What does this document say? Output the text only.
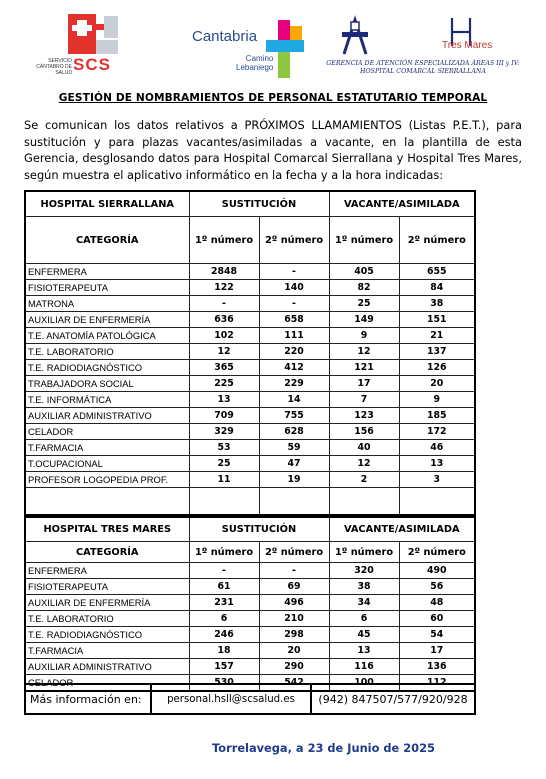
SERVICIO CÁNTABRO DE SALUD SCS
Cantabria
Camino
Lebaniego
Tres Mares
GERENCIA DE ATENCIÓN ESPECIALIZADA ÁREAS III y IV:
HOSPITAL COMARCAL SIERRALLANA
GESTIÓN DE NOMBRAMIENTOS DE PERSONAL ESTATUTARIO TEMPORAL
Se comunican los datos relativos a PRÓXIMOS LLAMAMIENTOS (Listas P.E.T.), para sustitución y para plazas vacantes/asimiladas a vacante, en la plantilla de esta Gerencia, desglosando datos para Hospital Comarcal Sierrallana y Hospital Tres Mares, según muestra el aplicativo informático en la fecha y a la hora indicadas:
HOSPITAL SIERRALLANA	SUSTITUCIÓN		VACANTE/ASIMILADA	
CATEGORÍA	1º número	2º número	1º número	2º número
ENFERMERA	2848	-	405	655
FISIOTERAPEUTA	122	140	82	84
MATRONA	-	-	25	38
AUXILIAR DE ENFERMERÍA	636	658	149	151
T.E. ANATOMÍA PATOLÓGICA	102	111	9	21
T.E. LABORATORIO	12	220	12	137
T.E. RADIODIAGNÓSTICO	365	412	121	126
TRABAJADORA SOCIAL	225	229	17	20
T.E. INFORMÁTICA	13	14	7	9
AUXILIAR ADMINISTRATIVO	709	755	123	185
CELADOR	329	628	156	172
T.FARMACIA	53	59	40	46
T.OCUPACIONAL	25	47	12	13
PROFESOR LOGOPEDIA PROF.	11	19	2	3

HOSPITAL TRES MARES	SUSTITUCIÓN		VACANTE/ASIMILADA	
CATEGORÍA	1º número	2º número	1º número	2º número
ENFERMERA	-	-	320	490
FISIOTERAPEUTA	61	69	38	56
AUXILIAR DE ENFERMERÍA	231	496	34	48
T.E. LABORATORIO	6	210	6	60
T.E. RADIODIAGNÓSTICO	246	298	45	54
T.FARMACIA	18	20	13	17
AUXILIAR ADMINISTRATIVO	157	290	116	136
CELADOR	530	542	100	112
Más información en:	personal.hsll@scsalud.es	(942) 847507/577/920/928
Torrelavega, a 23 de Junio de 2025
